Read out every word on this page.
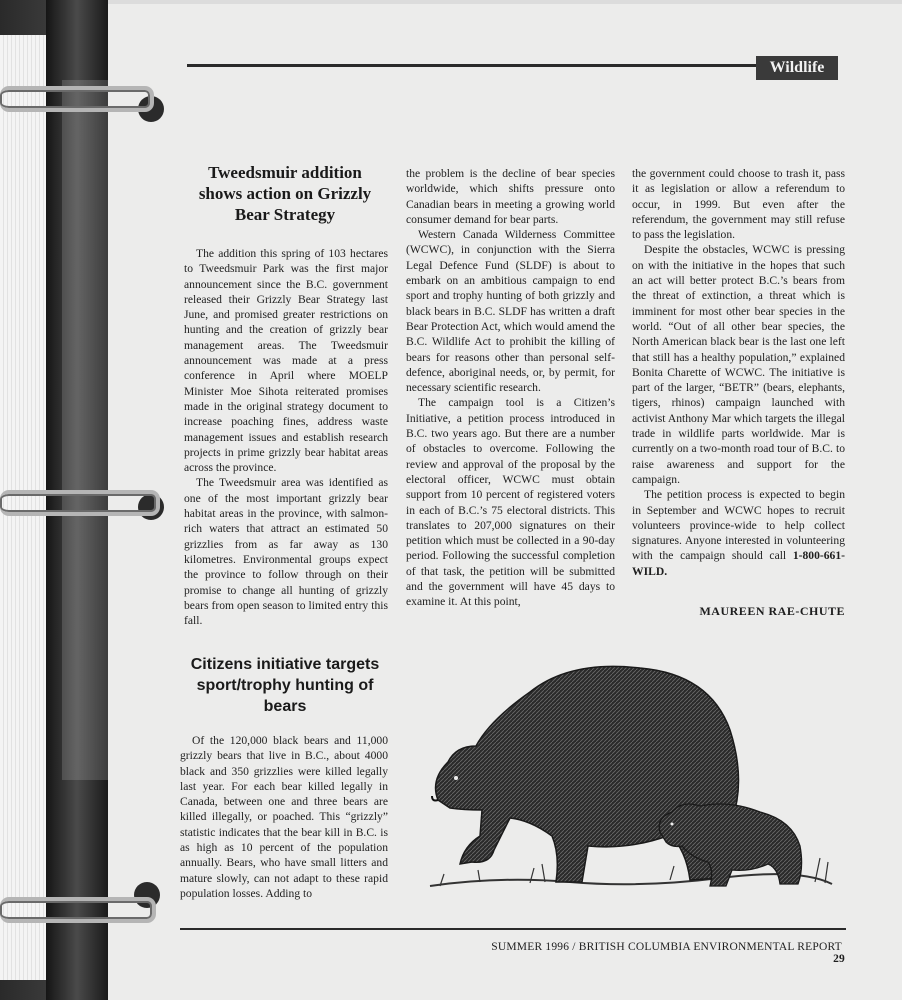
Wildlife
Tweedsmuir addition shows action on Grizzly Bear Strategy

The addition this spring of 103 hectares to Tweedsmuir Park was the first major announcement since the B.C. government released their Grizzly Bear Strategy last June, and promised greater restrictions on hunting and the creation of grizzly bear management areas. The Tweedsmuir announcement was made at a press conference in April where MOELP Minister Moe Sihota reiterated promises made in the original strategy document to increase poaching fines, address waste management issues and establish research projects in prime grizzly bear habitat areas across the province.

The Tweedsmuir area was identified as one of the most important grizzly bear habitat areas in the province, with salmon-rich waters that attract an estimated 50 grizzlies from as far away as 130 kilometres. Environmental groups expect the province to follow through on their promise to change all hunting of grizzly bears from open season to limited entry this fall.

Citizens initiative targets sport/trophy hunting of bears

Of the 120,000 black bears and 11,000 grizzly bears that live in B.C., about 4000 black and 350 grizzlies were killed legally last year. For each bear killed legally in Canada, between one and three bears are killed illegally, or poached. This “grizzly” statistic indicates that the bear kill in B.C. is as high as 10 percent of the population annually. Bears, who have small litters and mature slowly, can not adapt to these rapid population losses. Adding to

the problem is the decline of bear species worldwide, which shifts pressure onto Canadian bears in meeting a growing world consumer demand for bear parts.

Western Canada Wilderness Committee (WCWC), in conjunction with the Sierra Legal Defence Fund (SLDF) is about to embark on an ambitious campaign to end sport and trophy hunting of both grizzly and black bears in B.C. SLDF has written a draft Bear Protection Act, which would amend the B.C. Wildlife Act to prohibit the killing of bears for reasons other than personal self-defence, aboriginal needs, or, by permit, for necessary scientific research.

The campaign tool is a Citizen’s Initiative, a petition process introduced in B.C. two years ago. But there are a number of obstacles to overcome. Following the review and approval of the proposal by the electoral officer, WCWC must obtain support from 10 percent of registered voters in each of B.C.’s 75 electoral districts. This translates to 207,000 signatures on their petition which must be collected in a 90-day period. Following the successful completion of that task, the petition will be submitted and the government will have 45 days to examine it. At this point,

the government could choose to trash it, pass it as legislation or allow a referendum to occur, in 1999. But even after the referendum, the government may still refuse to pass the legislation.

Despite the obstacles, WCWC is pressing on with the initiative in the hopes that such an act will better protect B.C.’s bears from the threat of extinction, a threat which is imminent for most other bear species in the world. “Out of all other bear species, the North American black bear is the last one left that still has a healthy population,” explained Bonita Charette of WCWC. The initiative is part of the larger, “BETR” (bears, elephants, tigers, rhinos) campaign launched with activist Anthony Mar which targets the illegal trade in wildlife parts worldwide. Mar is currently on a two-month road tour of B.C. to raise awareness and support for the campaign.

The petition process is expected to begin in September and WCWC hopes to recruit volunteers province-wide to help collect signatures. Anyone interested in volunteering with the campaign should call 1-800-661-WILD.

MAUREEN RAE-CHUTE
SUMMER 1996 / BRITISH COLUMBIA ENVIRONMENTAL REPORT  29
